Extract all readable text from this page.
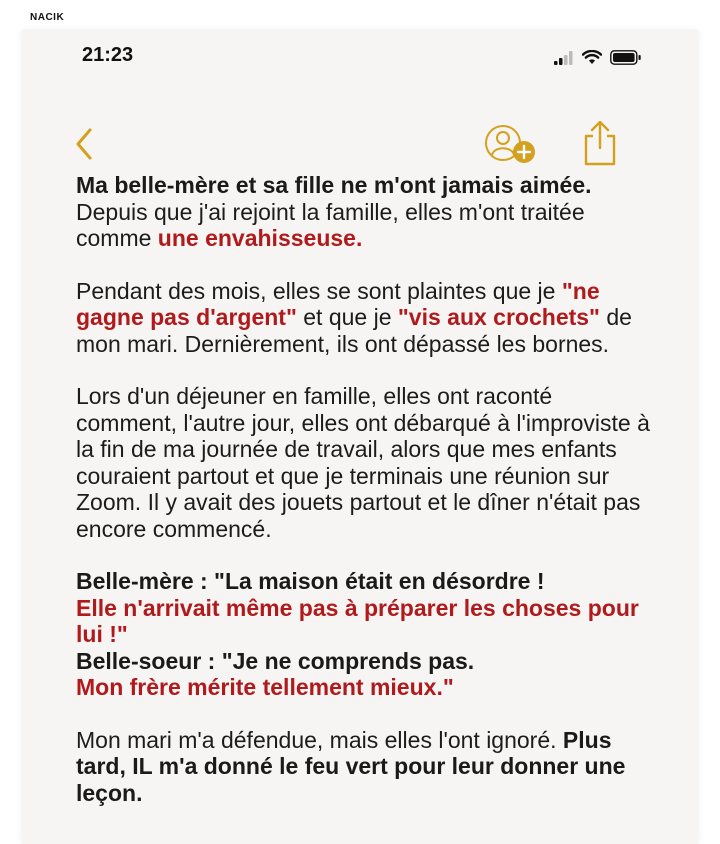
NACIK
21:23

Ma belle-mère et sa fille ne m'ont jamais aimée. Depuis que j'ai rejoint la famille, elles m'ont traitée comme une envahisseuse.

Pendant des mois, elles se sont plaintes que je "ne gagne pas d'argent" et que je "vis aux crochets" de mon mari. Dernièrement, ils ont dépassé les bornes.

Lors d'un déjeuner en famille, elles ont raconté comment, l'autre jour, elles ont débarqué à l'improviste à la fin de ma journée de travail, alors que mes enfants couraient partout et que je terminais une réunion sur Zoom. Il y avait des jouets partout et le dîner n'était pas encore commencé.

Belle-mère : "La maison était en désordre !
Elle n'arrivait même pas à préparer les choses pour lui !"
Belle-soeur : "Je ne comprends pas.
Mon frère mérite tellement mieux."

Mon mari m'a défendue, mais elles l'ont ignoré. Plus tard, IL m'a donné le feu vert pour leur donner une leçon.
